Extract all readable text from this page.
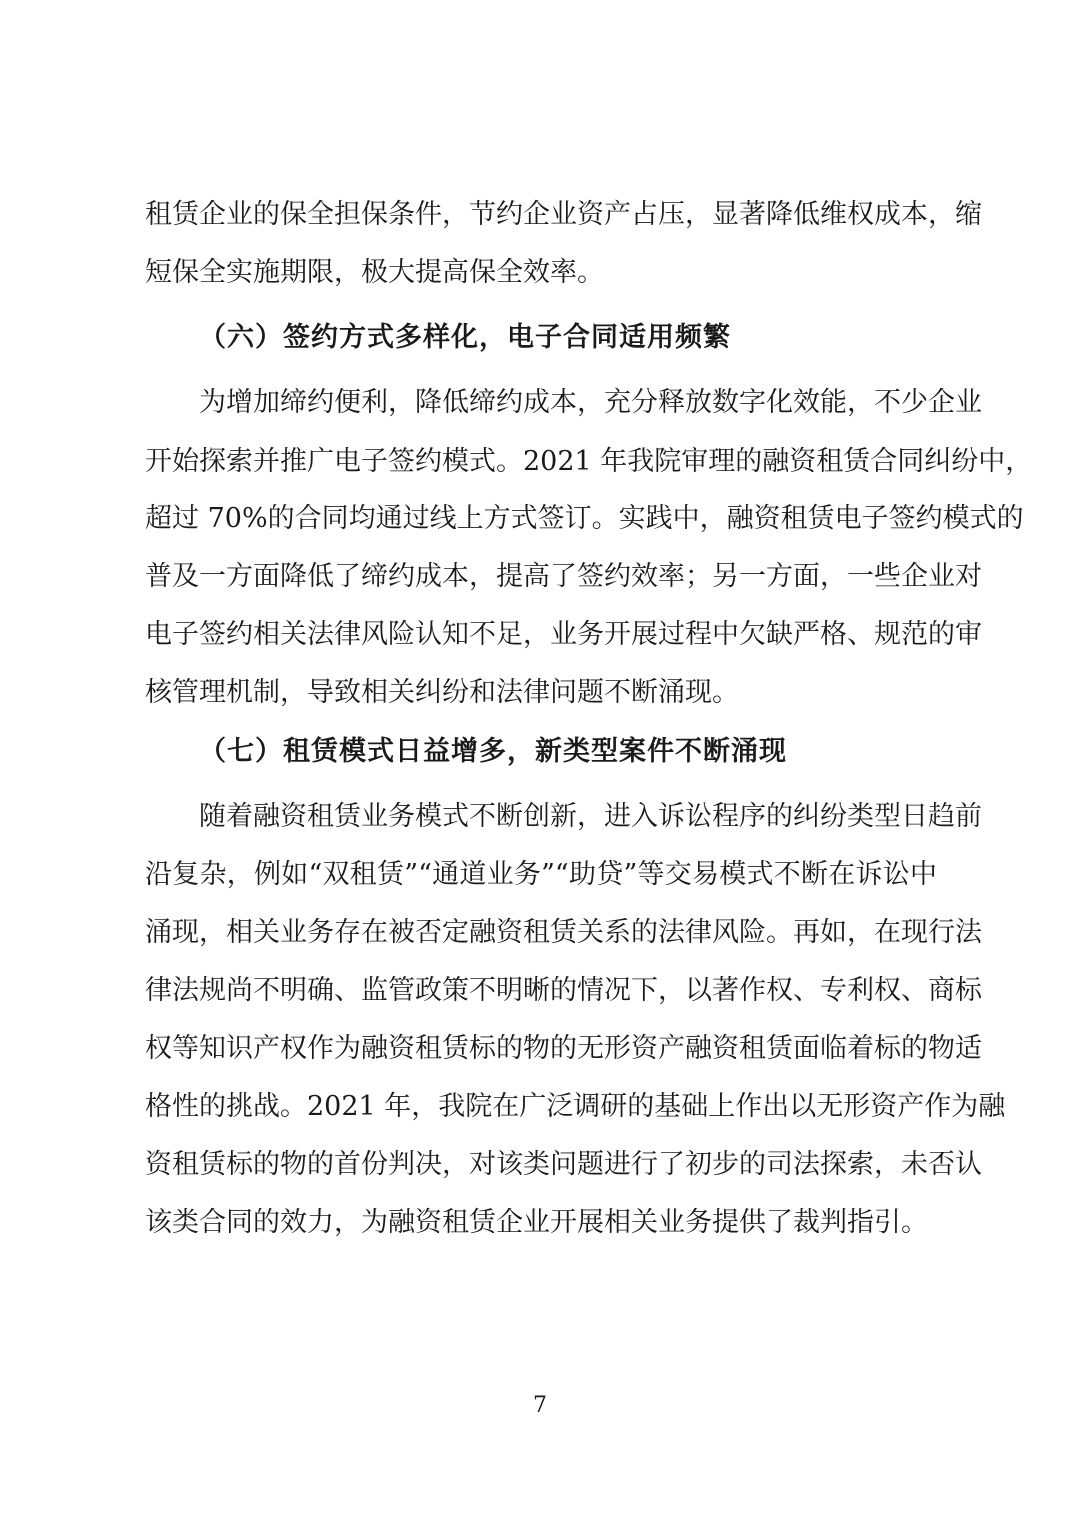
租赁企业的保全担保条件，节约企业资产占压，显著降低维权成本，缩
短保全实施期限，极大提高保全效率。
（六）签约方式多样化，电子合同适用频繁
为增加缔约便利，降低缔约成本，充分释放数字化效能，不少企业
开始探索并推广电子签约模式。2021 年我院审理的融资租赁合同纠纷中，
超过 70%的合同均通过线上方式签订。实践中，融资租赁电子签约模式的
普及一方面降低了缔约成本，提高了签约效率；另一方面，一些企业对
电子签约相关法律风险认知不足，业务开展过程中欠缺严格、规范的审
核管理机制，导致相关纠纷和法律问题不断涌现。
（七）租赁模式日益增多，新类型案件不断涌现
随着融资租赁业务模式不断创新，进入诉讼程序的纠纷类型日趋前
沿复杂，例如“双租赁”“通道业务”“助贷”等交易模式不断在诉讼中
涌现，相关业务存在被否定融资租赁关系的法律风险。再如，在现行法
律法规尚不明确、监管政策不明晰的情况下，以著作权、专利权、商标
权等知识产权作为融资租赁标的物的无形资产融资租赁面临着标的物适
格性的挑战。2021 年，我院在广泛调研的基础上作出以无形资产作为融
资租赁标的物的首份判决，对该类问题进行了初步的司法探索，未否认
该类合同的效力，为融资租赁企业开展相关业务提供了裁判指引。
7
